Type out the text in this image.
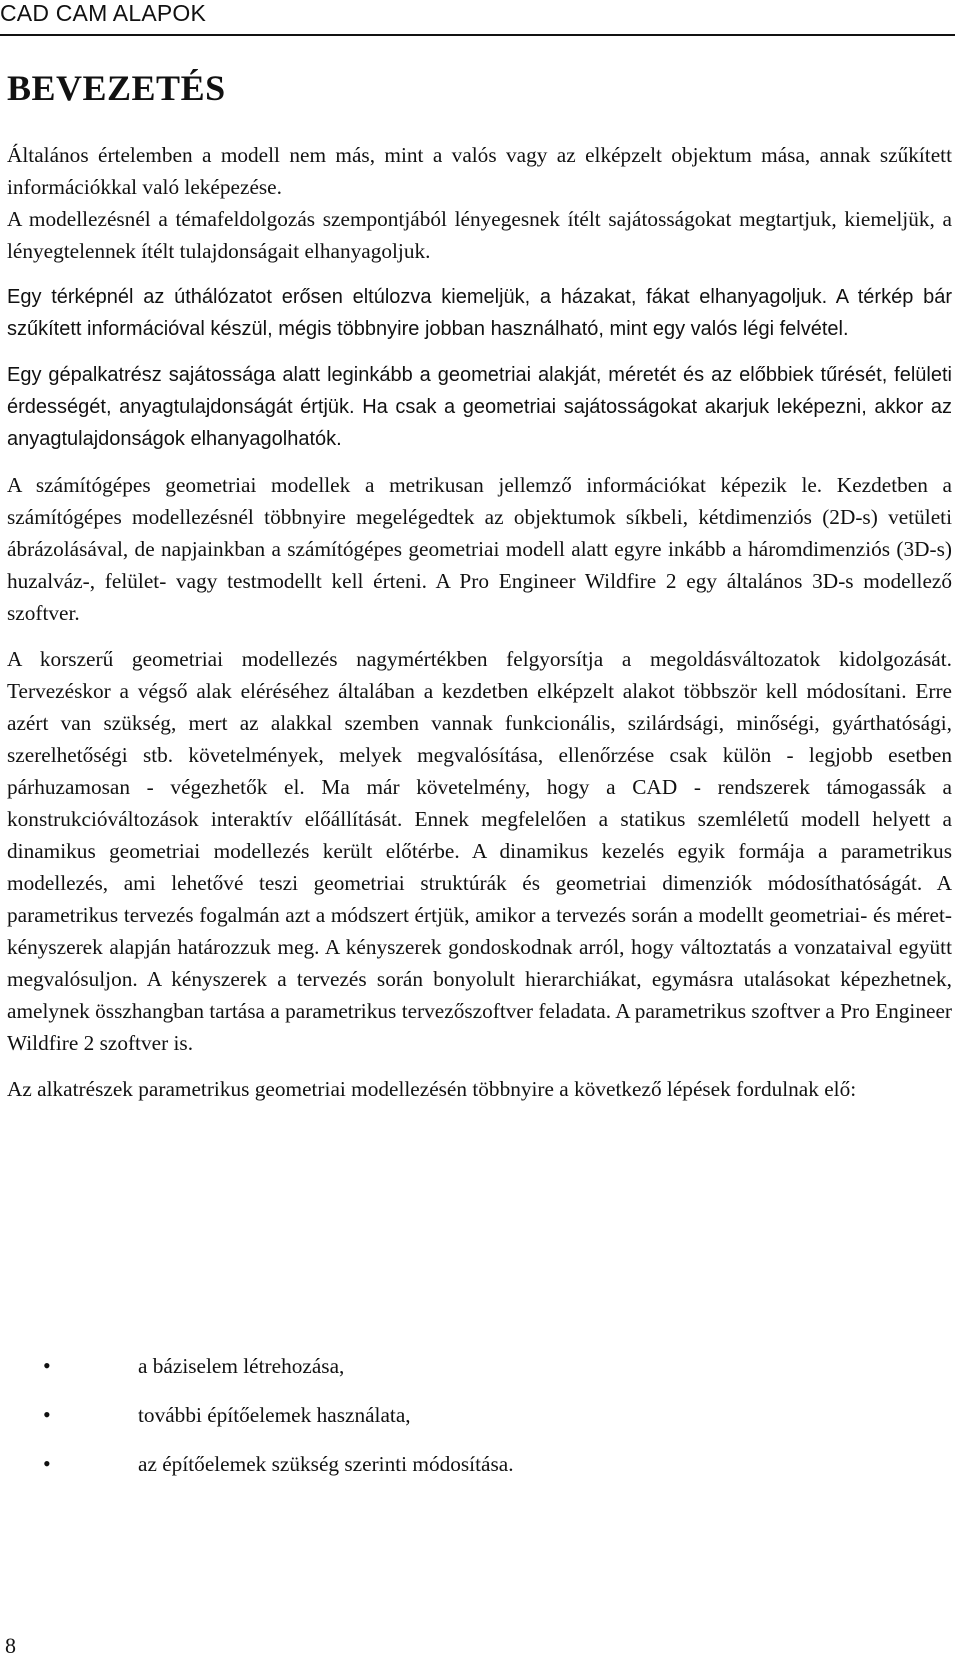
CAD CAM ALAPOK
BEVEZETÉS

Általános értelemben a modell nem más, mint a valós vagy az elképzelt objektum mása, annak szűkített információkkal való leképezése.

A modellezésnél a témafeldolgozás szempontjából lényegesnek ítélt sajátosságokat megtartjuk, kiemeljük, a lényegtelennek ítélt tulajdonságait elhanyagoljuk.

Egy térképnél az úthálózatot erősen eltúlozva kiemeljük, a házakat, fákat elhanyagoljuk. A térkép bár szűkített információval készül, mégis többnyire jobban használható, mint egy valós légi felvétel.

Egy gépalkatrész sajátossága alatt leginkább a geometriai alakját, méretét és az előbbiek tűrését, felületi érdességét, anyagtulajdonságát értjük. Ha csak a geometriai sajátosságokat akarjuk leképezni, akkor az anyagtulajdonságok elhanyagolhatók.

A számítógépes geometriai modellek a metrikusan jellemző információkat képezik le. Kezdetben a számítógépes modellezésnél többnyire megelégedtek az objektumok síkbeli, kétdimenziós (2D-s) vetületi ábrázolásával, de napjainkban a számítógépes geometriai modell alatt egyre inkább a háromdimenziós (3D-s) huzalváz-, felület- vagy testmodellt kell érteni. A Pro Engineer Wildfire 2 egy általános 3D-s modellező szoftver.

A korszerű geometriai modellezés nagymértékben felgyorsítja a megoldásváltozatok kidolgozását. Tervezéskor a végső alak eléréséhez általában a kezdetben elképzelt alakot többször kell módosítani. Erre azért van szükség, mert az alakkal szemben vannak funkcionális, szilárdsági, minőségi, gyárthatósági, szerelhetőségi stb. követelmények, melyek megvalósítása, ellenőrzése csak külön - legjobb esetben párhuzamosan - végezhetők el. Ma már követelmény, hogy a CAD - rendszerek támogassák a konstrukcióváltozások interaktív előállítását. Ennek megfelelően a statikus szemléletű modell helyett a dinamikus geometriai modellezés került előtérbe. A dinamikus kezelés egyik formája a parametrikus modellezés, ami lehetővé teszi geometriai struktúrák és geometriai dimenziók módosíthatóságát. A parametrikus tervezés fogalmán azt a módszert értjük, amikor a tervezés során a modellt geometriai- és méret- kényszerek alapján határozzuk meg. A kényszerek gondoskodnak arról, hogy változtatás a vonzataival együtt megvalósuljon. A kényszerek a tervezés során bonyolult hierarchiákat, egymásra utalásokat képezhetnek, amelynek összhangban tartása a parametrikus tervezőszoftver feladata. A parametrikus szoftver a Pro Engineer Wildfire 2 szoftver is.

Az alkatrészek parametrikus geometriai modellezésén többnyire a következő lépések fordulnak elő:

•	a báziselem létrehozása,
•	további építőelemek használata,
•	az építőelemek szükség szerinti módosítása.
8
